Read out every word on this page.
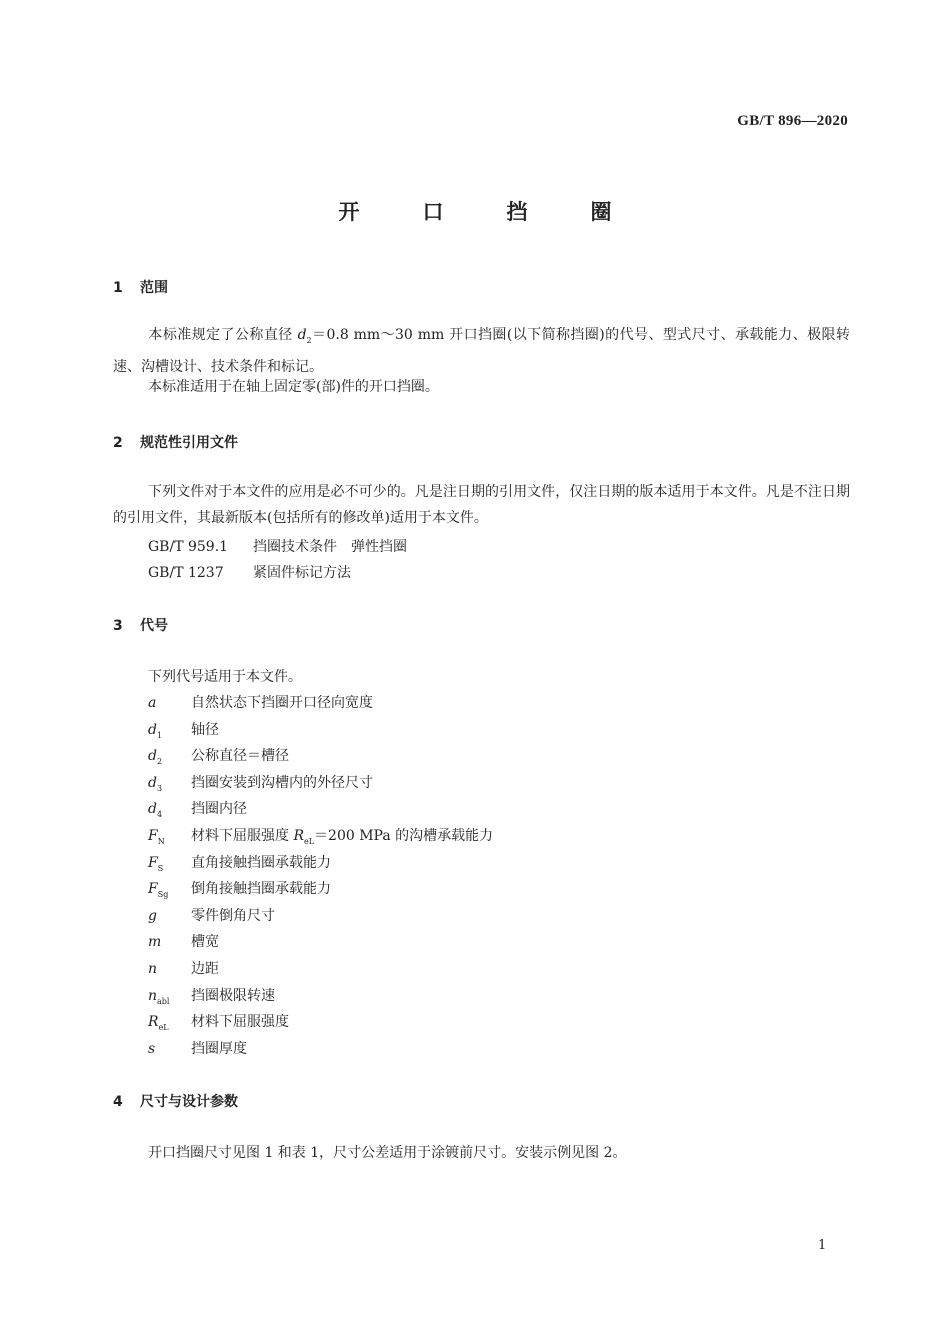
GB/T 896—2020
开　口　挡　圈
1 范围
本标准规定了公称直径 $d_2=0.8$ mm～30 mm 开口挡圈(以下简称挡圈)的代号、型式尺寸、承载能力、极限转速、沟槽设计、技术条件和标记。
本标准适用于在轴上固定零(部)件的开口挡圈。
2 规范性引用文件
下列文件对于本文件的应用是必不可少的。凡是注日期的引用文件，仅注日期的版本适用于本文件。凡是不注日期的引用文件，其最新版本(包括所有的修改单)适用于本文件。
GB/T 959.1 挡圈技术条件　弹性挡圈
GB/T 1237 紧固件标记方法
3 代号
下列代号适用于本文件。
a 自然状态下挡圈开口径向宽度
$d_1$ 轴径
$d_2$ 公称直径＝槽径
$d_3$ 挡圈安装到沟槽内的外径尺寸
$d_4$ 挡圈内径
$F_N$ 材料下屈服强度 $R_{eL}=200$ MPa 的沟槽承载能力
$F_S$ 直角接触挡圈承载能力
$F_{Sg}$ 倒角接触挡圈承载能力
g 零件倒角尺寸
m 槽宽
n 边距
$n_{abl}$ 挡圈极限转速
$R_{eL}$ 材料下屈服强度
s	挡圈厚度
4 尺寸与设计参数
开口挡圈尺寸见图 1 和表 1，尺寸公差适用于涂镀前尺寸。安装示例见图 2。
1
